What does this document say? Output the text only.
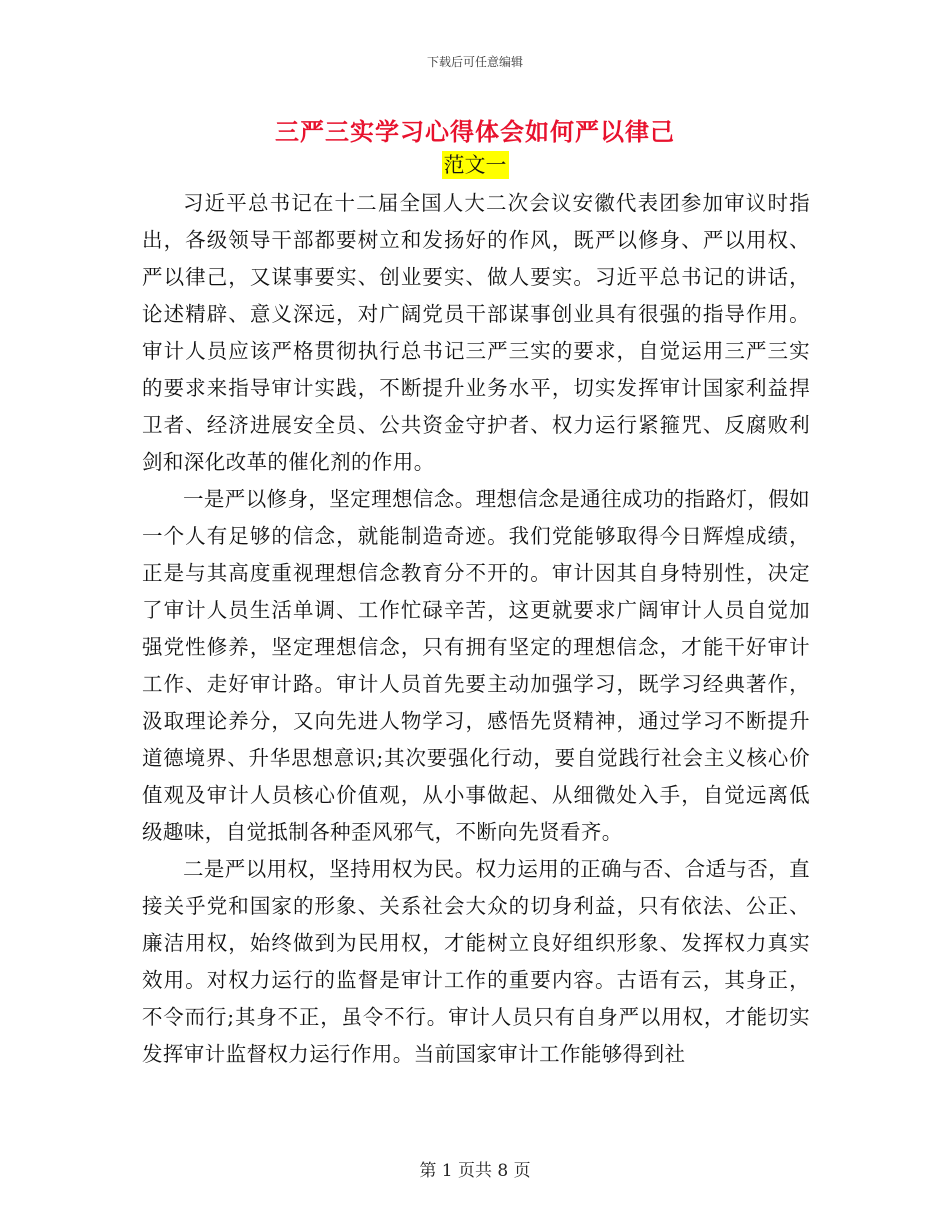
下载后可任意编辑
三严三实学习心得体会如何严以律己
范文一

习近平总书记在十二届全国人大二次会议安徽代表团参加审议时指出，各级领导干部都要树立和发扬好的作风，既严以修身、严以用权、严以律己，又谋事要实、创业要实、做人要实。习近平总书记的讲话，论述精辟、意义深远，对广阔党员干部谋事创业具有很强的指导作用。审计人员应该严格贯彻执行总书记三严三实的要求，自觉运用三严三实的要求来指导审计实践，不断提升业务水平，切实发挥审计国家利益捍卫者、经济进展安全员、公共资金守护者、权力运行紧箍咒、反腐败利剑和深化改革的催化剂的作用。

一是严以修身，坚定理想信念。理想信念是通往成功的指路灯，假如一个人有足够的信念，就能制造奇迹。我们党能够取得今日辉煌成绩，正是与其高度重视理想信念教育分不开的。审计因其自身特别性，决定了审计人员生活单调、工作忙碌辛苦，这更就要求广阔审计人员自觉加强党性修养，坚定理想信念，只有拥有坚定的理想信念，才能干好审计工作、走好审计路。审计人员首先要主动加强学习，既学习经典著作，汲取理论养分，又向先进人物学习，感悟先贤精神，通过学习不断提升道德境界、升华思想意识;其次要强化行动，要自觉践行社会主义核心价值观及审计人员核心价值观，从小事做起、从细微处入手，自觉远离低级趣味，自觉抵制各种歪风邪气，不断向先贤看齐。

二是严以用权，坚持用权为民。权力运用的正确与否、合适与否，直接关乎党和国家的形象、关系社会大众的切身利益，只有依法、公正、廉洁用权，始终做到为民用权，才能树立良好组织形象、发挥权力真实效用。对权力运行的监督是审计工作的重要内容。古语有云，其身正，不令而行;其身不正，虽令不行。审计人员只有自身严以用权，才能切实发挥审计监督权力运行作用。当前国家审计工作能够得到社

第 1 页共 8 页
